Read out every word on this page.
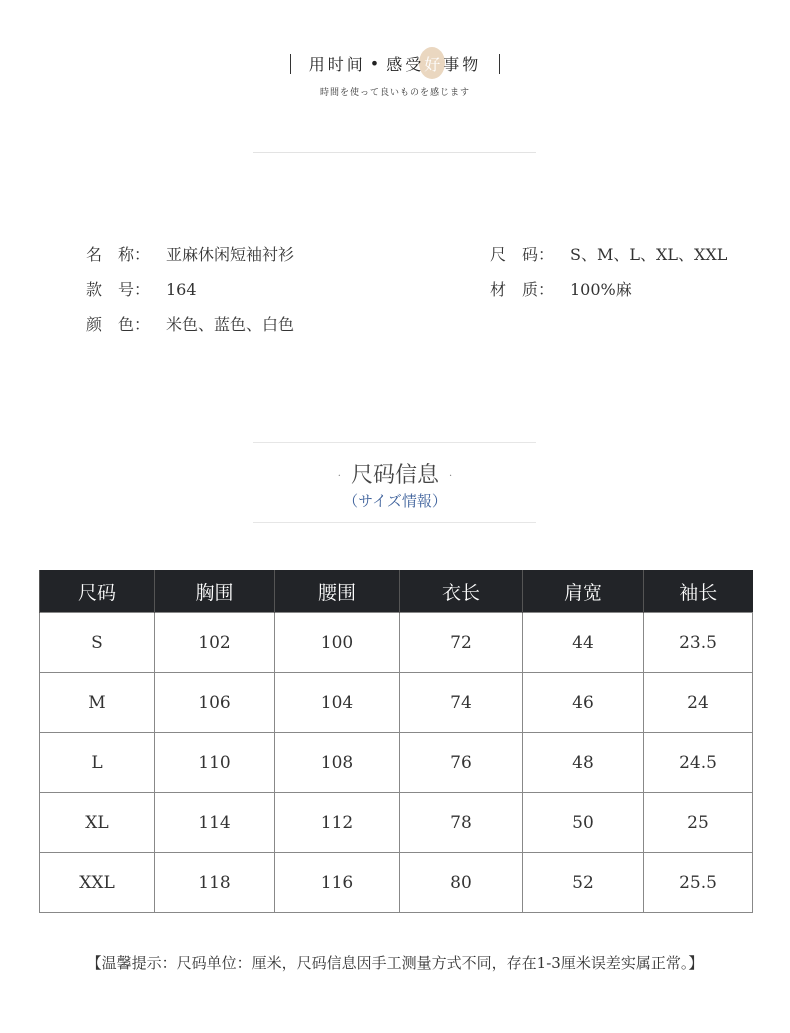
用时间 • 感受 好 事物
時間を使って良いものを感じます
名　称： 亚麻休闲短袖衬衫
款　号： 164
颜　色： 米色、蓝色、白色
尺　码： S、M、L、XL、XXL
材　质： 100%麻
· 尺码信息 ·
（サイズ情報）
尺码	胸围	腰围	衣长	肩宽	袖长
S	102	100	72	44	23.5
M	106	104	74	46	24
L	110	108	76	48	24.5
XL	114	112	78	50	25
XXL	118	116	80	52	25.5
【温馨提示：尺码单位：厘米，尺码信息因手工测量方式不同，存在1-3厘米误差实属正常。】
